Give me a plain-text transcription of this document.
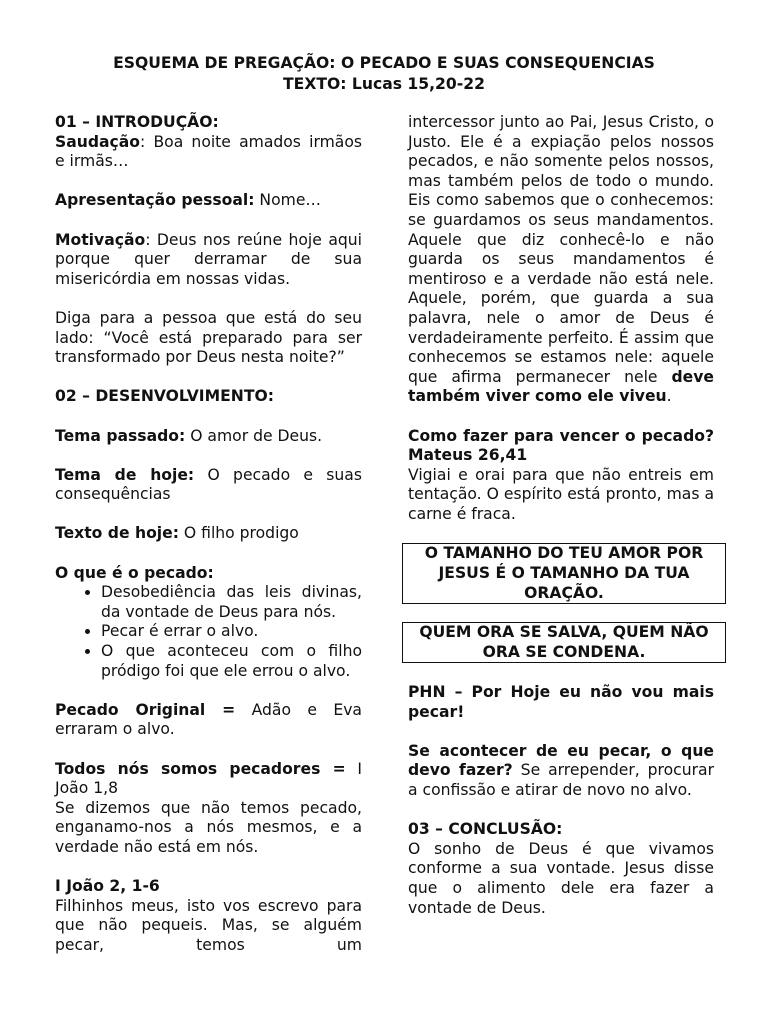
ESQUEMA DE PREGAÇÃO: O PECADO E SUAS CONSEQUENCIAS
TEXTO: Lucas 15,20-22

01 – INTRODUÇÃO:

Saudação: Boa noite amados irmãos e irmãs…

Apresentação pessoal: Nome…

Motivação: Deus nos reúne hoje aqui porque quer derramar de sua misericórdia em nossas vidas.

Diga para a pessoa que está do seu lado: “Você está preparado para ser transformado por Deus nesta noite?”

02 – DESENVOLVIMENTO:

Tema passado: O amor de Deus.

Tema de hoje: O pecado e suas consequências

Texto de hoje: O filho prodigo

O que é o pecado:

• Desobediência das leis divinas, da vontade de Deus para nós.
• Pecar é errar o alvo.
• O que aconteceu com o filho pródigo foi que ele errou o alvo.

Pecado Original = Adão e Eva erraram o alvo.

Todos nós somos pecadores = I João 1,8

Se dizemos que não temos pecado, enganamo-nos a nós mesmos, e a verdade não está em nós.

I João 2, 1-6

Filhinhos meus, isto vos escrevo para que não pequeis. Mas, se alguém pecar, temos um

intercessor junto ao Pai, Jesus Cristo, o Justo. Ele é a expiação pelos nossos pecados, e não somente pelos nossos, mas também pelos de todo o mundo. Eis como sabemos que o conhecemos: se guardamos os seus mandamentos. Aquele que diz conhecê-lo e não guarda os seus mandamentos é mentiroso e a verdade não está nele. Aquele, porém, que guarda a sua palavra, nele o amor de Deus é verdadeiramente perfeito. É assim que conhecemos se estamos nele: aquele que afirma permanecer nele deve também viver como ele viveu.

Como fazer para vencer o pecado? Mateus 26,41

Vigiai e orai para que não entreis em tentação. O espírito está pronto, mas a carne é fraca.

O TAMANHO DO TEU AMOR POR JESUS É O TAMANHO DA TUA ORAÇÃO.
QUEM ORA SE SALVA, QUEM NÃO ORA SE CONDENA.

PHN – Por Hoje eu não vou mais pecar!

Se acontecer de eu pecar, o que devo fazer? Se arrepender, procurar a confissão e atirar de novo no alvo.

03 – CONCLUSÃO:

O sonho de Deus é que vivamos conforme a sua vontade. Jesus disse que o alimento dele era fazer a vontade de Deus.
